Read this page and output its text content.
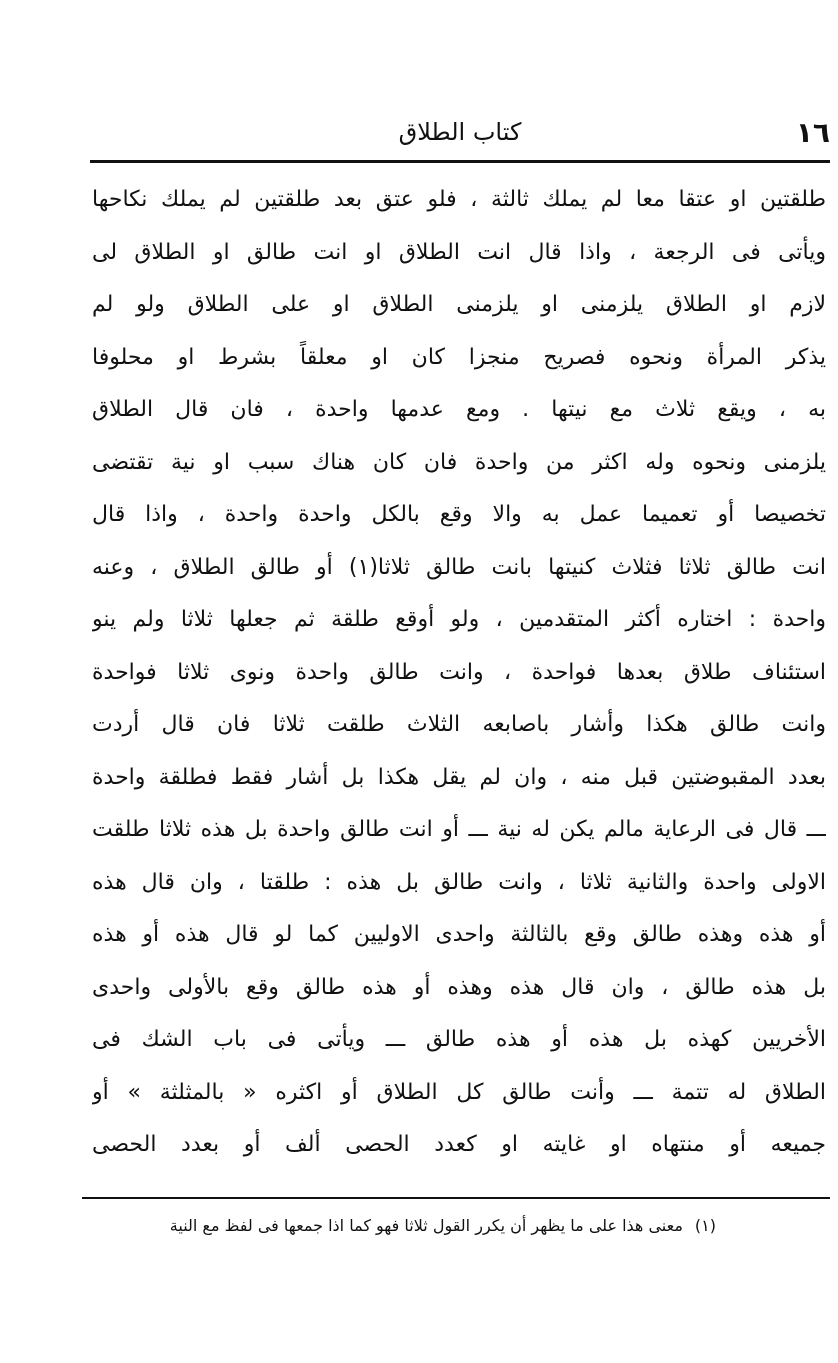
١٦
كتاب الطلاق
طلقتين او عتقا معا لم يملك ثالثة ، فلو عتق بعد طلقتين لم يملك نكاحها
ويأتى فى الرجعة ، واذا قال انت الطلاق او انت طالق او الطلاق لى
لازم او الطلاق يلزمنى او يلزمنى الطلاق او على الطلاق ولو لم
يذكر المرأة ونحوه فصريح منجزا كان او معلقاً بشرط او محلوفا
به ، ويقع ثلاث مع نيتها . ومع عدمها واحدة ، فان قال الطلاق
يلزمنى ونحوه وله اكثر من واحدة فان كان هناك سبب او نية تقتضى
تخصيصا أو تعميما عمل به والا وقع بالكل واحدة واحدة ، واذا قال
انت طالق ثلاثا فثلاث كنيتها بانت طالق ثلاثا(١) أو طالق الطلاق ، وعنه
واحدة : اختاره أكثر المتقدمين ، ولو أوقع طلقة ثم جعلها ثلاثا ولم ينو
استئناف طلاق بعدها فواحدة ، وانت طالق واحدة ونوى ثلاثا فواحدة
وانت طالق هكذا وأشار باصابعه الثلاث طلقت ثلاثا فان قال أردت
بعدد المقبوضتين قبل منه ، وان لم يقل هكذا بل أشار فقط فطلقة واحدة
ـــ قال فى الرعاية مالم يكن له نية ـــ أو انت طالق واحدة بل هذه ثلاثا طلقت
الاولى واحدة والثانية ثلاثا ، وانت طالق بل هذه : طلقتا ، وان قال هذه
أو هذه وهذه طالق وقع بالثالثة واحدى الاوليين كما لو قال هذه أو هذه
بل هذه طالق ، وان قال هذه وهذه أو هذه طالق وقع بالأولى واحدى
الأخريين كهذه بل هذه أو هذه طالق ـــ ويأتى فى باب الشك فى
الطلاق له تتمة ـــ وأنت طالق كل الطلاق أو اكثره « بالمثلثة » أو
جميعه أو منتهاه او غايته او كعدد الحصى ألف أو بعدد الحصى
(١)معنى هذا على ما يظهر أن يكرر القول ثلاثا فهو كما اذا جمعها فى لفظ مع النية
